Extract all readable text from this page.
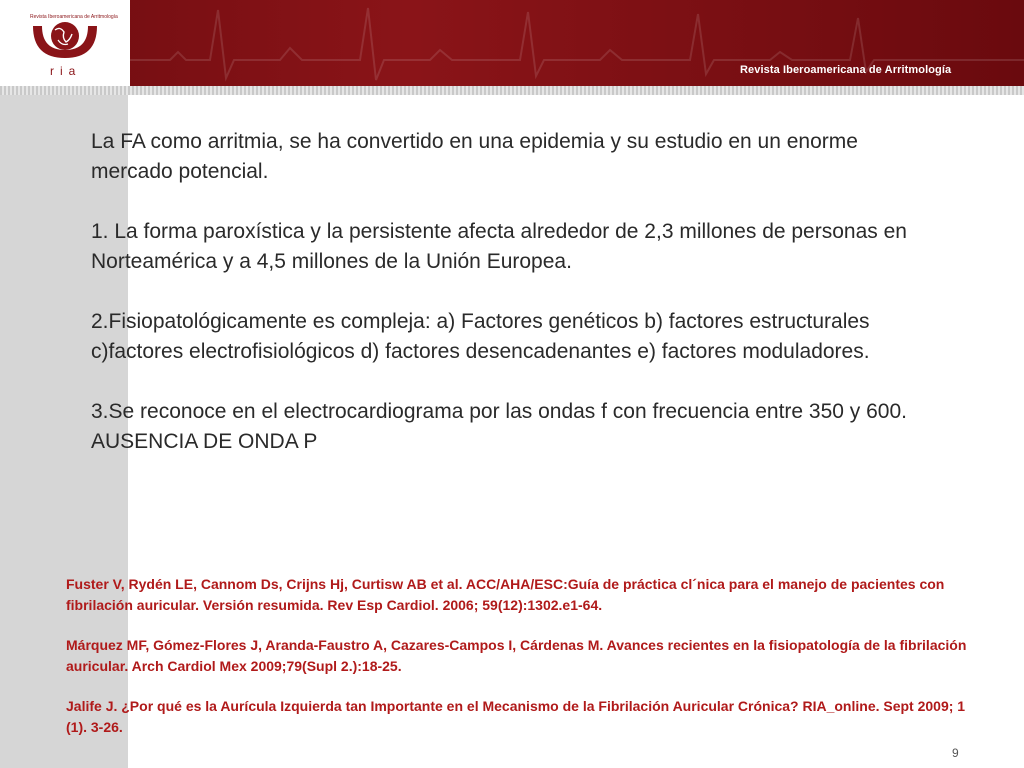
Revista Iberoamericana de Arritmología
Revista Iberoamericana de Arritmología
ria

La FA como arritmia, se ha convertido en una epidemia y su estudio en un enorme mercado potencial.

1. La forma paroxística y la persistente afecta alrededor de 2,3 millones de personas en Norteamérica y a 4,5 millones de la Unión Europea.

2.Fisiopatológicamente es compleja: a) Factores genéticos b) factores estructurales c)factores electrofisiológicos d) factores desencadenantes e) factores moduladores.

3.Se reconoce en el electrocardiograma por las ondas f con frecuencia entre 350 y 600. AUSENCIA DE ONDA P

Fuster V, Rydén LE, Cannom Ds, Crijns Hj, Curtisw AB et al. ACC/AHA/ESC:Guía de práctica cl´nica para el manejo de pacientes con fibrilación auricular. Versión resumida. Rev Esp Cardiol. 2006; 59(12):1302.e1-64.

Márquez MF, Gómez-Flores J, Aranda-Faustro A, Cazares-Campos I, Cárdenas M. Avances recientes en la fisiopatología de la fibrilación auricular. Arch Cardiol Mex 2009;79(Supl 2.):18-25.

Jalife J. ¿Por qué es la Aurícula Izquierda tan Importante en el Mecanismo de la Fibrilación Auricular Crónica? RIA_online. Sept 2009; 1 (1). 3-26.

9
